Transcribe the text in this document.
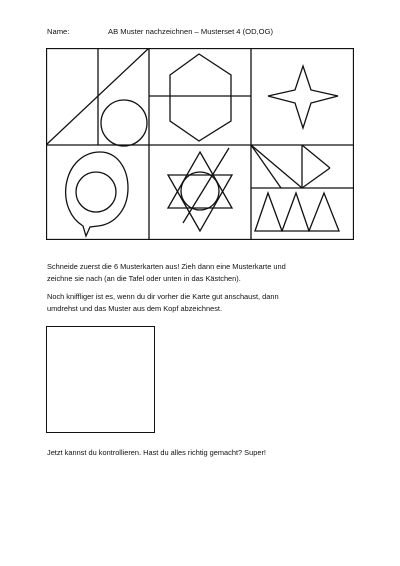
Name:	AB Muster nachzeichnen – Musterset 4 (OD,OG)
Schneide zuerst die 6 Musterkarten aus! Zieh dann eine Musterkarte und
zeichne sie nach (an die Tafel oder unten in das Kästchen).
Noch kniffliger ist es, wenn du dir vorher die Karte gut anschaust, dann
umdrehst und das Muster aus dem Kopf abzeichnest.
Jetzt kannst du kontrollieren. Hast du alles richtig gemacht? Super!
